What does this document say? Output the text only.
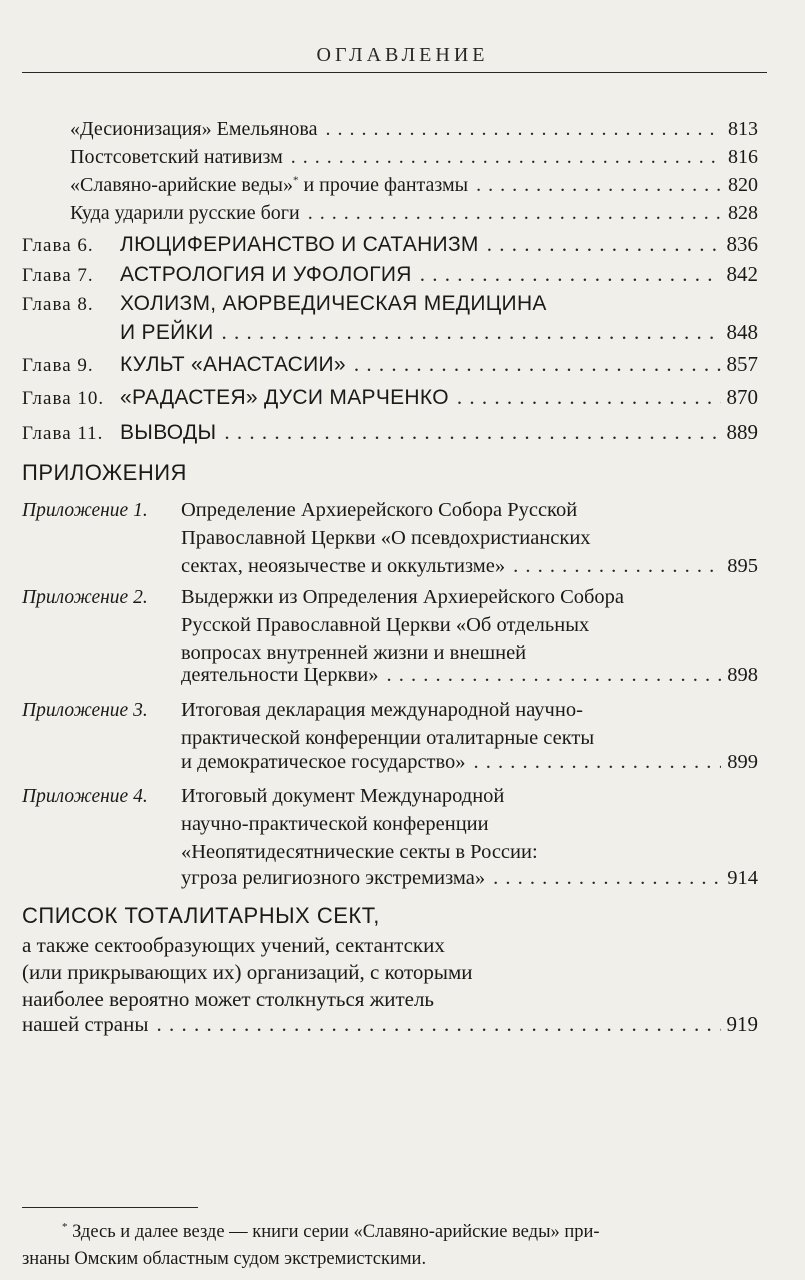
ОГЛАВЛЕНИЕ
«Десионизация» Емельянова . . .	813
Постсоветский нативизм . . .	816
«Славяно-арийские веды»* и прочие фантазмы . . .	820
Куда ударили русские боги . . .	828
Глава 6.	ЛЮЦИФЕРИАНСТВО И САТАНИЗМ . . .	836
Глава 7.	АСТРОЛОГИЯ И УФОЛОГИЯ . . .	842
Глава 8.	ХОЛИЗМ, АЮРВЕДИЧЕСКАЯ МЕДИЦИНА
И РЕЙКИ . . .	848
Глава 9.	КУЛЬТ «АНАСТАСИИ» . . .	857
Глава 10. «РАДАСТЕЯ» ДУСИ МАРЧЕНКО . . .	870
Глава 11. ВЫВОДЫ . . .	889
ПРИЛОЖЕНИЯ
Приложение 1. Определение Архиерейского Собора Русской
Православной Церкви «О псевдохристианских
сектах, неоязычестве и оккультизме» . . .	895
Приложение 2. Выдержки из Определения Архиерейского Собора
Русской Православной Церкви «Об отдельных
вопросах внутренней жизни и внешней
деятельности Церкви» . . .	898
Приложение 3. Итоговая декларация международной научно-
практической конференции оталитарные секты
и демократическое государство» . . .	899
Приложение 4. Итоговый документ Международной
научно-практической конференции
«Неопятидесятнические секты в России:
угроза религиозного экстремизма» . . .	914
СПИСОК ТОТАЛИТАРНЫХ СЕКТ,
а также сектообразующих учений, сектантских
(или прикрывающих их) организаций, с которыми
наиболее вероятно может столкнуться житель
нашей страны . . .	919
* Здесь и далее везде — книги серии «Славяно-арийские веды» при-
знаны Омским областным судом экстремистскими.
